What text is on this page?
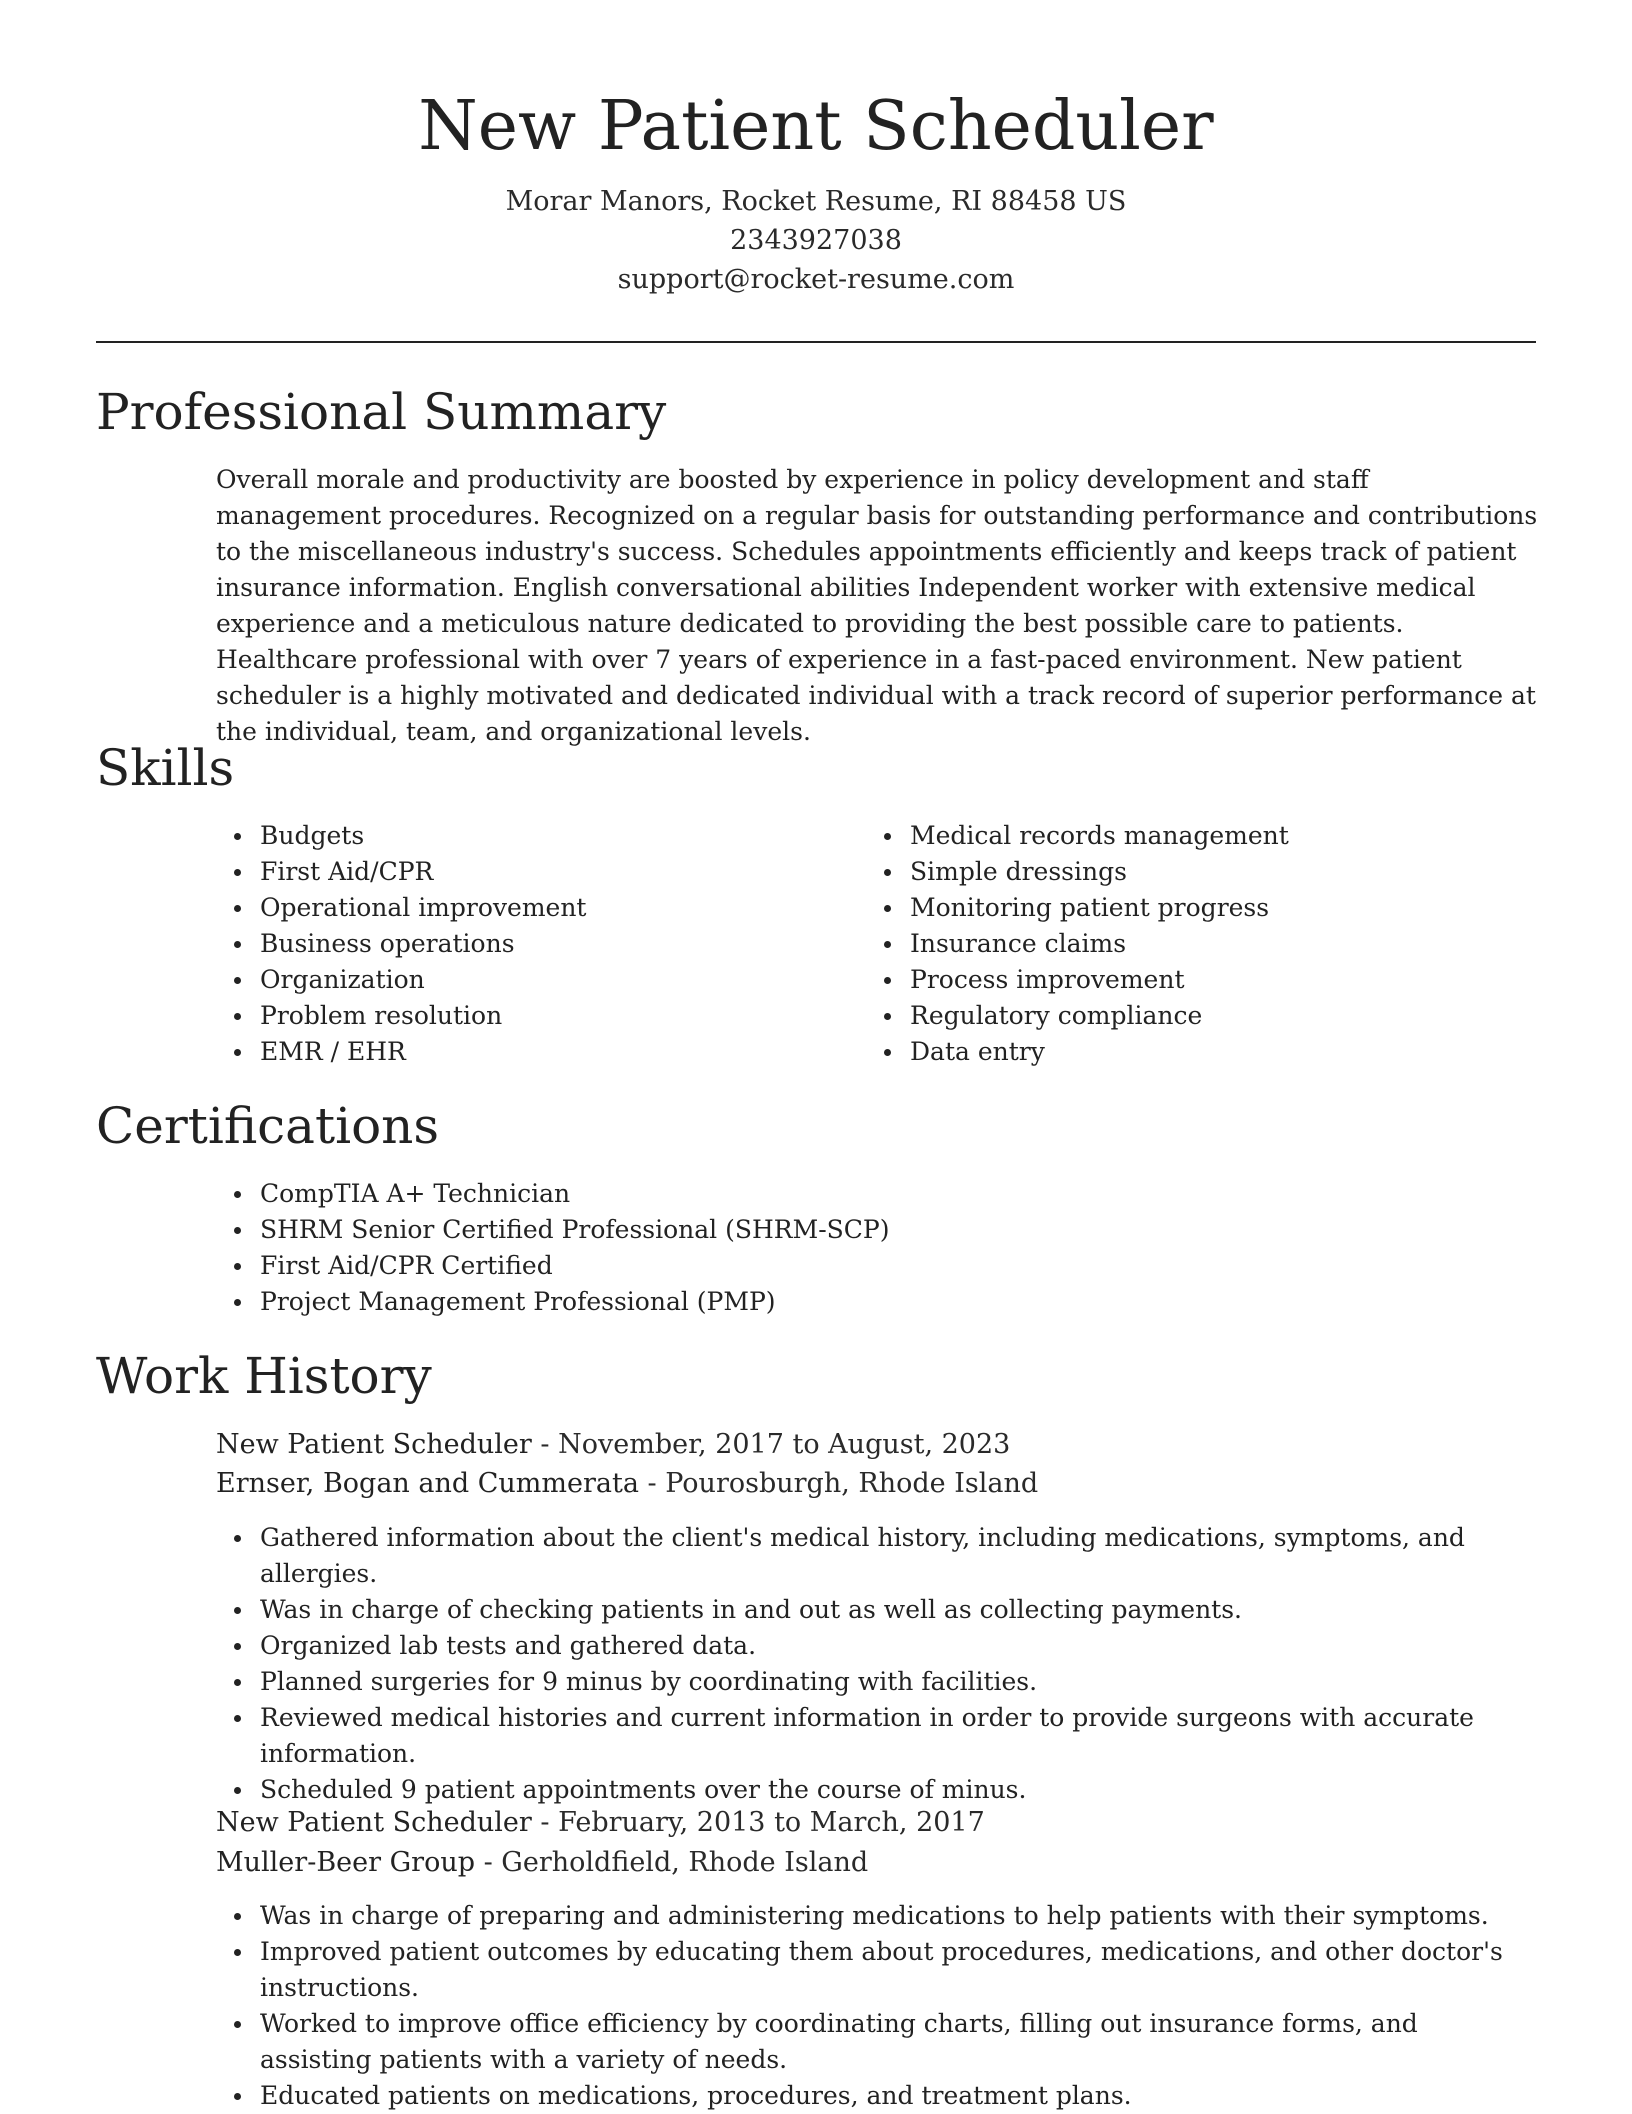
New Patient Scheduler
Morar Manors, Rocket Resume, RI 88458 US
2343927038
support@rocket-resume.com
Professional Summary

Overall morale and productivity are boosted by experience in policy development and staff management procedures. Recognized on a regular basis for outstanding performance and contributions to the miscellaneous industry's success. Schedules appointments efficiently and keeps track of patient insurance information. English conversational abilities Independent worker with extensive medical experience and a meticulous nature dedicated to providing the best possible care to patients. Healthcare professional with over 7 years of experience in a fast-paced environment. New patient scheduler is a highly motivated and dedicated individual with a track record of superior performance at the individual, team, and organizational levels.

Skills
Budgets
First Aid/CPR
Operational improvement
Business operations
Organization
Problem resolution
EMR / EHR
Medical records management
Simple dressings
Monitoring patient progress
Insurance claims
Process improvement
Regulatory compliance
Data entry
Certifications
CompTIA A+ Technician
SHRM Senior Certified Professional (SHRM-SCP)
First Aid/CPR Certified
Project Management Professional (PMP)
Work History
New Patient Scheduler - November, 2017 to August, 2023
Ernser, Bogan and Cummerata - Pourosburgh, Rhode Island
Gathered information about the client's medical history, including medications, symptoms, and allergies.
Was in charge of checking patients in and out as well as collecting payments.
Organized lab tests and gathered data.
Planned surgeries for 9 minus by coordinating with facilities.
Reviewed medical histories and current information in order to provide surgeons with accurate information.
Scheduled 9 patient appointments over the course of minus.
New Patient Scheduler - February, 2013 to March, 2017
Muller-Beer Group - Gerholdfield, Rhode Island
Was in charge of preparing and administering medications to help patients with their symptoms.
Improved patient outcomes by educating them about procedures, medications, and other doctor's instructions.
Worked to improve office efficiency by coordinating charts, filling out insurance forms, and assisting patients with a variety of needs.
Educated patients on medications, procedures, and treatment plans.
